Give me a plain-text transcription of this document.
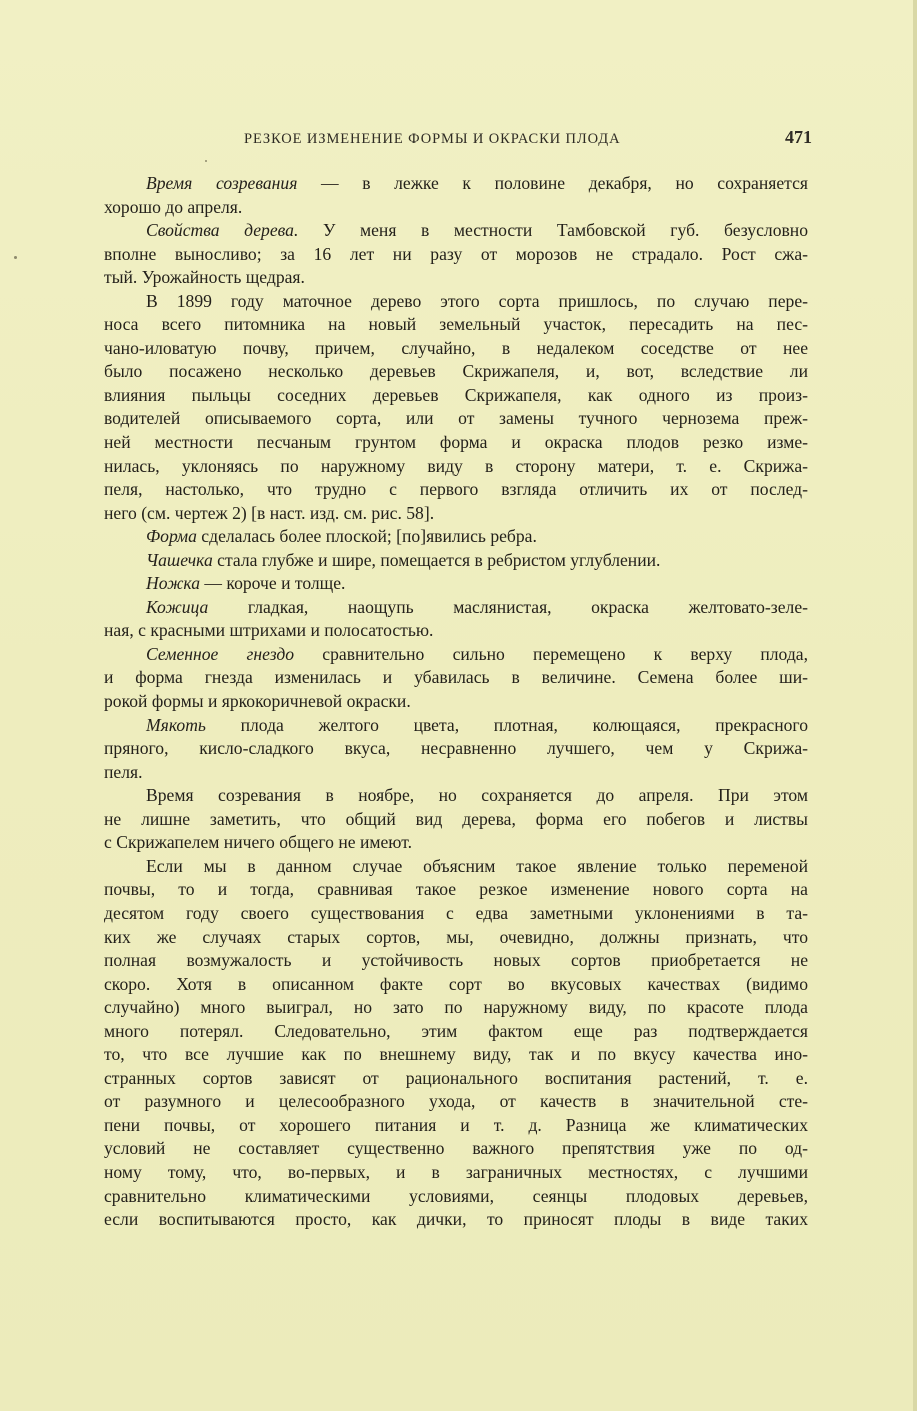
РЕЗКОЕ ИЗМЕНЕНИЕ ФОРМЫ И ОКРАСКИ ПЛОДА	471
Время созревания — в лежке к половине декабря, но сохраняется
хорошо до апреля.
Свойства дерева. У меня в местности Тамбовской губ. безусловно
вполне выносливо; за 16 лет ни разу от морозов не страдало. Рост сжа-
тый. Урожайность щедрая.
В 1899 году маточное дерево этого сорта пришлось, по случаю пере-
носа всего питомника на новый земельный участок, пересадить на пес-
чано-иловатую почву, причем, случайно, в недалеком соседстве от нее
было посажено несколько деревьев Скрижапеля, и, вот, вследствие ли
влияния пыльцы соседних деревьев Скрижапеля, как одного из произ-
водителей описываемого сорта, или от замены тучного чернозема преж-
ней местности песчаным грунтом форма и окраска плодов резко изме-
нилась, уклоняясь по наружному виду в сторону матери, т. е. Скрижа-
пеля, настолько, что трудно с первого взгляда отличить их от послед-
него (см. чертеж 2) [в наст. изд. см. рис. 58].
Форма сделалась более плоской; [по]явились ребра.
Чашечка стала глубже и шире, помещается в ребристом углублении.
Ножка — короче и толще.
Кожица гладкая, наощупь маслянистая, окраска желтовато-зеле-
ная, с красными штрихами и полосатостью.
Семенное гнездо сравнительно сильно перемещено к верху плода,
и форма гнезда изменилась и убавилась в величине. Семена более ши-
рокой формы и яркокоричневой окраски.
Мякоть плода желтого цвета, плотная, колющаяся, прекрасного
пряного, кисло-сладкого вкуса, несравненно лучшего, чем у Скрижа-
пеля.
Время созревания в ноябре, но сохраняется до апреля. При этом
не лишне заметить, что общий вид дерева, форма его побегов и листвы
с Скрижапелем ничего общего не имеют.
Если мы в данном случае объясним такое явление только переменой
почвы, то и тогда, сравнивая такое резкое изменение нового сорта на
десятом году своего существования с едва заметными уклонениями в та-
ких же случаях старых сортов, мы, очевидно, должны признать, что
полная возмужалость и устойчивость новых сортов приобретается не
скоро. Хотя в описанном факте сорт во вкусовых качествах (видимо
случайно) много выиграл, но зато по наружному виду, по красоте плода
много потерял. Следовательно, этим фактом еще раз подтверждается
то, что все лучшие как по внешнему виду, так и по вкусу качества ино-
странных сортов зависят от рационального воспитания растений, т. е.
от разумного и целесообразного ухода, от качеств в значительной сте-
пени почвы, от хорошего питания и т. д. Разница же климатических
условий не составляет существенно важного препятствия уже по од-
ному тому, что, во-первых, и в заграничных местностях, с лучшими
сравнительно климатическими условиями, сеянцы плодовых деревьев,
если воспитываются просто, как дички, то приносят плоды в виде таких
